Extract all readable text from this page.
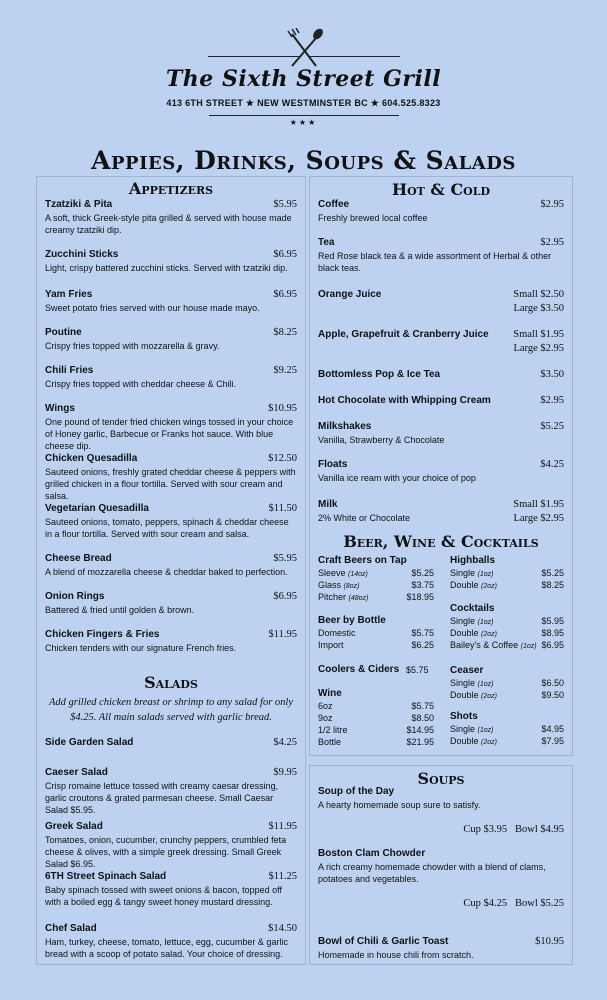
The Sixth Street Grill
413 6TH STREET ★ NEW WESTMINSTER BC ★ 604.525.8323
★★★
Appies, Drinks, Soups & Salads
Appetizers
Tzatziki & Pita	$5.95
A soft, thick Greek-style pita grilled & served with house made creamy tzatziki dip.
Zucchini Sticks	$6.95
Light, crispy battered zucchini sticks. Served with tzatziki dip.
Yam Fries	$6.95
Sweet potato fries served with our house made mayo.
Poutine	$8.25
Crispy fries topped with mozzarella & gravy.
Chili Fries	$9.25
Crispy fries topped with cheddar cheese & Chili.
Wings	$10.95
One pound of tender fried chicken wings tossed in your choice of Honey garlic, Barbecue or Franks hot sauce. With blue cheese dip.
Chicken Quesadilla	$12.50
Sauteed onions, freshly grated cheddar cheese & peppers with grilled chicken in a flour tortilla. Served with sour cream and salsa.
Vegetarian Quesadilla	$11.50
Sauteed onions, tomato, peppers, spinach & cheddar cheese in a flour tortilla. Served with sour cream and salsa.
Cheese Bread	$5.95
A blend of mozzarella cheese & cheddar baked to perfection.
Onion Rings	$6.95
Battered & fried until golden & brown.
Chicken Fingers & Fries	$11.95
Chicken tenders with our signature French fries.
Salads
Add grilled chicken breast or shrimp to any salad for only $4.25. All main salads served with garlic bread.
Side Garden Salad	$4.25
Caeser Salad	$9.95
Crisp romaine lettuce tossed with creamy caesar dressing, garlic croutons & grated parmesan cheese. Small Caesar Salad $5.95.
Greek Salad	$11.95
Tomatoes, onion, cucumber, crunchy peppers, crumbled feta cheese & olives, with a simple greek dressing. Small Greek Salad $6.95.
6TH Street Spinach Salad	$11.25
Baby spinach tossed with sweet onions & bacon, topped off with a boiled egg & tangy sweet honey mustard dressing.
Chef Salad	$14.50
Ham, turkey, cheese, tomato, lettuce, egg, cucumber & garlic bread with a scoop of potato salad. Your choice of dressing.
Hot & Cold
Coffee	$2.95
Freshly brewed local coffee
Tea	$2.95
Red Rose black tea & a wide assortment of Herbal & other black teas.
Orange Juice	Small $2.50
Large $3.50
Apple, Grapefruit & Cranberry Juice	Small $1.95
Large $2.95
Bottomless Pop & Ice Tea	$3.50
Hot Chocolate with Whipping Cream	$2.95
Milkshakes	$5.25
Vanilla, Strawberry & Chocolate
Floats	$4.25
Vanilla ice ream with your choice of pop
Milk	Small $1.95
Large $2.95
2% White or Chocolate
Beer, Wine & Cocktails
Craft Beers on Tap
Sleeve (14oz)	$5.25
Glass (8oz)	$3.75
Pitcher (48oz)	$18.95
Beer by Bottle
Domestic	$5.75
Import	$6.25
Coolers & Ciders $5.75
Wine
6oz	$5.75
9oz	$8.50
1/2 litre	$14.95
Bottle	$21.95
Highballs
Single (1oz)	$5.25
Double (2oz)	$8.25
Cocktails
Single (1oz)	$5.95
Double (2oz)	$8.95
Bailey's & Coffee (1oz) $6.95
Ceaser
Single (1oz)	$6.50
Double (2oz)	$9.50
Shots
Single (1oz)	$4.95
Double (2oz)	$7.95
Soups
Soup of the Day
A hearty homemade soup sure to satisfy.
Cup $3.95   Bowl $4.95
Boston Clam Chowder
A rich creamy homemade chowder with a blend of clams, potatoes and vegetables.
Cup $4.25   Bowl $5.25
Bowl of Chili & Garlic Toast
Homemade in house chili from scratch.
$10.95
